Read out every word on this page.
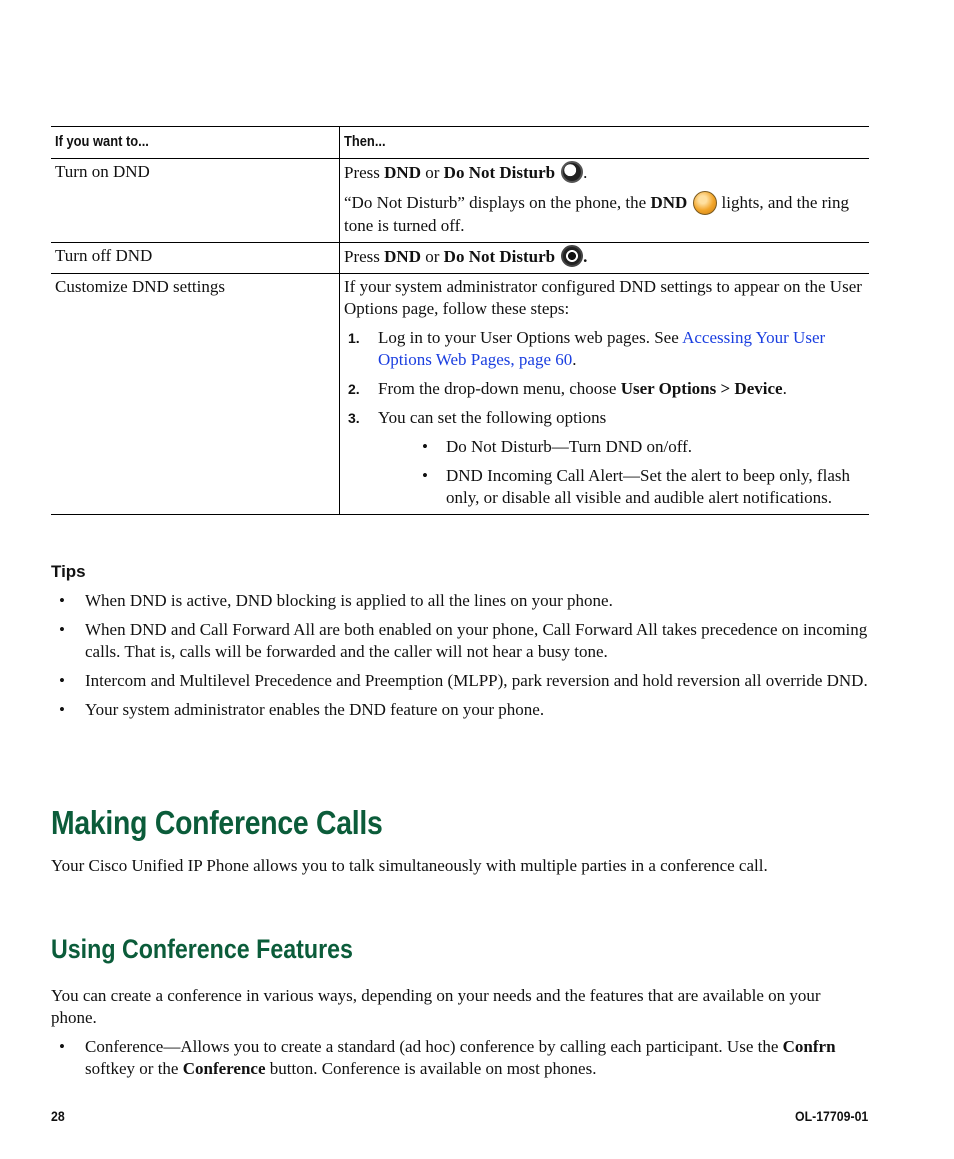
If you want to...	Then...
Turn on DND	Press DND or Do Not Disturb .

“Do Not Disturb” displays on the phone, the DND lights, and the ring tone is turned off.

Turn off DND	Press DND or Do Not Disturb .

Customize DND settings	If your system administrator configured DND settings to appear on the User Options page, follow these steps:

1. Log in to your User Options web pages. See Accessing Your User Options Web Pages, page 60.
2. From the drop-down menu, choose User Options > Device.
3. You can set the following options
• Do Not Disturb—Turn DND on/off.
• DND Incoming Call Alert—Set the alert to beep only, flash only, or disable all visible and audible alert notifications.
Tips
• When DND is active, DND blocking is applied to all the lines on your phone.
• When DND and Call Forward All are both enabled on your phone, Call Forward All takes precedence on incoming calls. That is, calls will be forwarded and the caller will not hear a busy tone.
• Intercom and Multilevel Precedence and Preemption (MLPP), park reversion and hold reversion all override DND.
• Your system administrator enables the DND feature on your phone.
Making Conference Calls

Your Cisco Unified IP Phone allows you to talk simultaneously with multiple parties in a conference call.

Using Conference Features

You can create a conference in various ways, depending on your needs and the features that are available on your phone.

• Conference—Allows you to create a standard (ad hoc) conference by calling each participant. Use the Confrn softkey or the Conference button. Conference is available on most phones.
28	OL-17709-01
